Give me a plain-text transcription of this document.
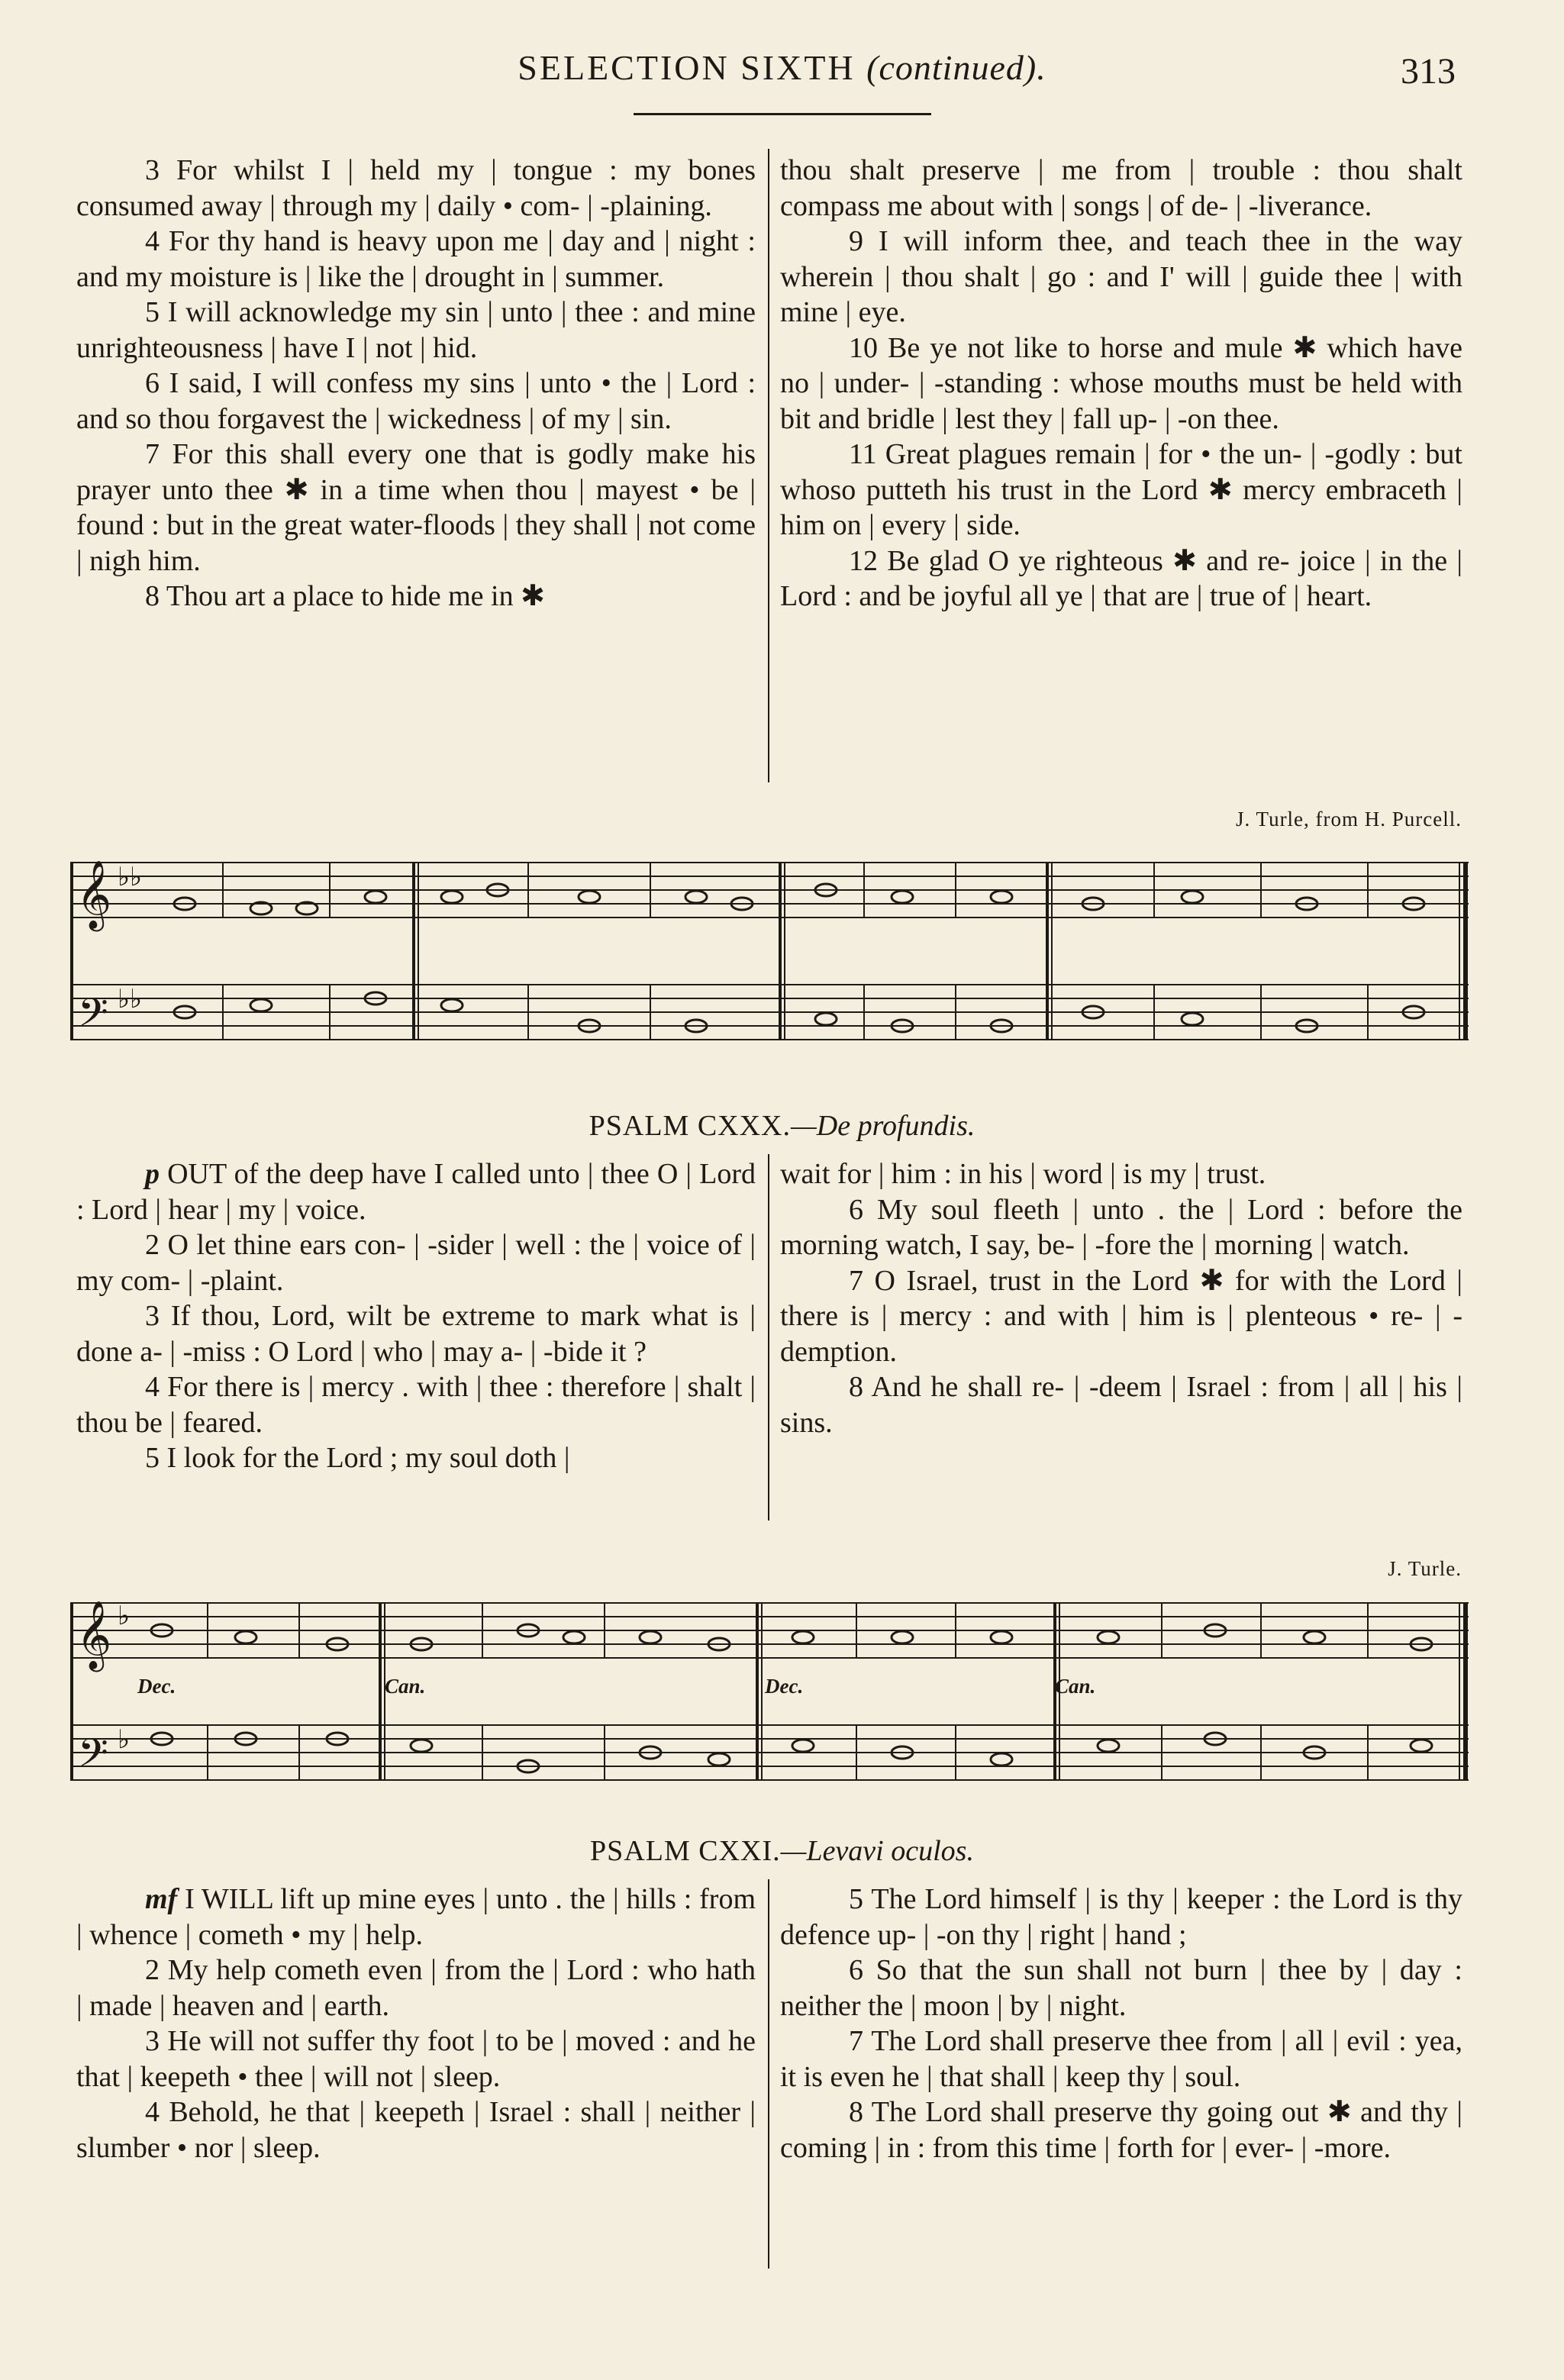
SELECTION SIXTH (continued).	313

3 For whilst I | held my | tongue : my bones consumed away | through my | daily • com- | -plaining.

4 For thy hand is heavy upon me | day and | night : and my moisture is | like the | drought in | summer.

5 I will acknowledge my sin | unto | thee : and mine unrighteousness | have I | not | hid.

6 I said, I will confess my sins | unto • the | Lord : and so thou forgavest the | wickedness | of my | sin.

7 For this shall every one that is godly make his prayer unto thee ✱ in a time when thou | mayest • be | found : but in the great water-floods | they shall | not come | nigh him.

8 Thou art a place to hide me in ✱

thou shalt preserve | me from | trouble : thou shalt compass me about with | songs | of de- | -liverance.

9 I will inform thee, and teach thee in the way wherein | thou shalt | go : and I' will | guide thee | with mine | eye.

10 Be ye not like to horse and mule ✱ which have no | under- | -standing : whose mouths must be held with bit and bridle | lest they | fall up- | -on thee.

11 Great plagues remain | for • the un- | -godly : but whoso putteth his trust in the Lord ✱ mercy embraceth | him on | every | side.

12 Be glad O ye righteous ✱ and re- joice | in the | Lord : and be joyful all ye | that are | true of | heart.

J. Turle, from H. Purcell.
𝄞
𝄢
♭♭
♭♭
PSALM CXXX.—De profundis.

p OUT of the deep have I called unto | thee O | Lord : Lord | hear | my | voice.

2 O let thine ears con- | -sider | well : the | voice of | my com- | -plaint.

3 If thou, Lord, wilt be extreme to mark what is | done a- | -miss : O Lord | who | may a- | -bide it ?

4 For there is | mercy . with | thee : therefore | shalt | thou be | feared.

5 I look for the Lord ; my soul doth |

wait for | him : in his | word | is my | trust.

6 My soul fleeth | unto . the | Lord : before the morning watch, I say, be- | -fore the | morning | watch.

7 O Israel, trust in the Lord ✱ for with the Lord | there is | mercy : and with | him is | plenteous • re- | -demption.

8 And he shall re- | -deem | Israel : from | all | his | sins.

J. Turle.
𝄞
𝄢
♭
♭
Dec.	Can.	Dec.	Can.
PSALM CXXI.—Levavi oculos.

mf I WILL lift up mine eyes | unto . the | hills : from | whence | cometh • my | help.

2 My help cometh even | from the | Lord : who hath | made | heaven and | earth.

3 He will not suffer thy foot | to be | moved : and he that | keepeth • thee | will not | sleep.

4 Behold, he that | keepeth | Israel : shall | neither | slumber • nor | sleep.

5 The Lord himself | is thy | keeper : the Lord is thy defence up- | -on thy | right | hand ;

6 So that the sun shall not burn | thee by | day : neither the | moon | by | night.

7 The Lord shall preserve thee from | all | evil : yea, it is even he | that shall | keep thy | soul.

8 The Lord shall preserve thy going out ✱ and thy | coming | in : from this time | forth for | ever- | -more.
